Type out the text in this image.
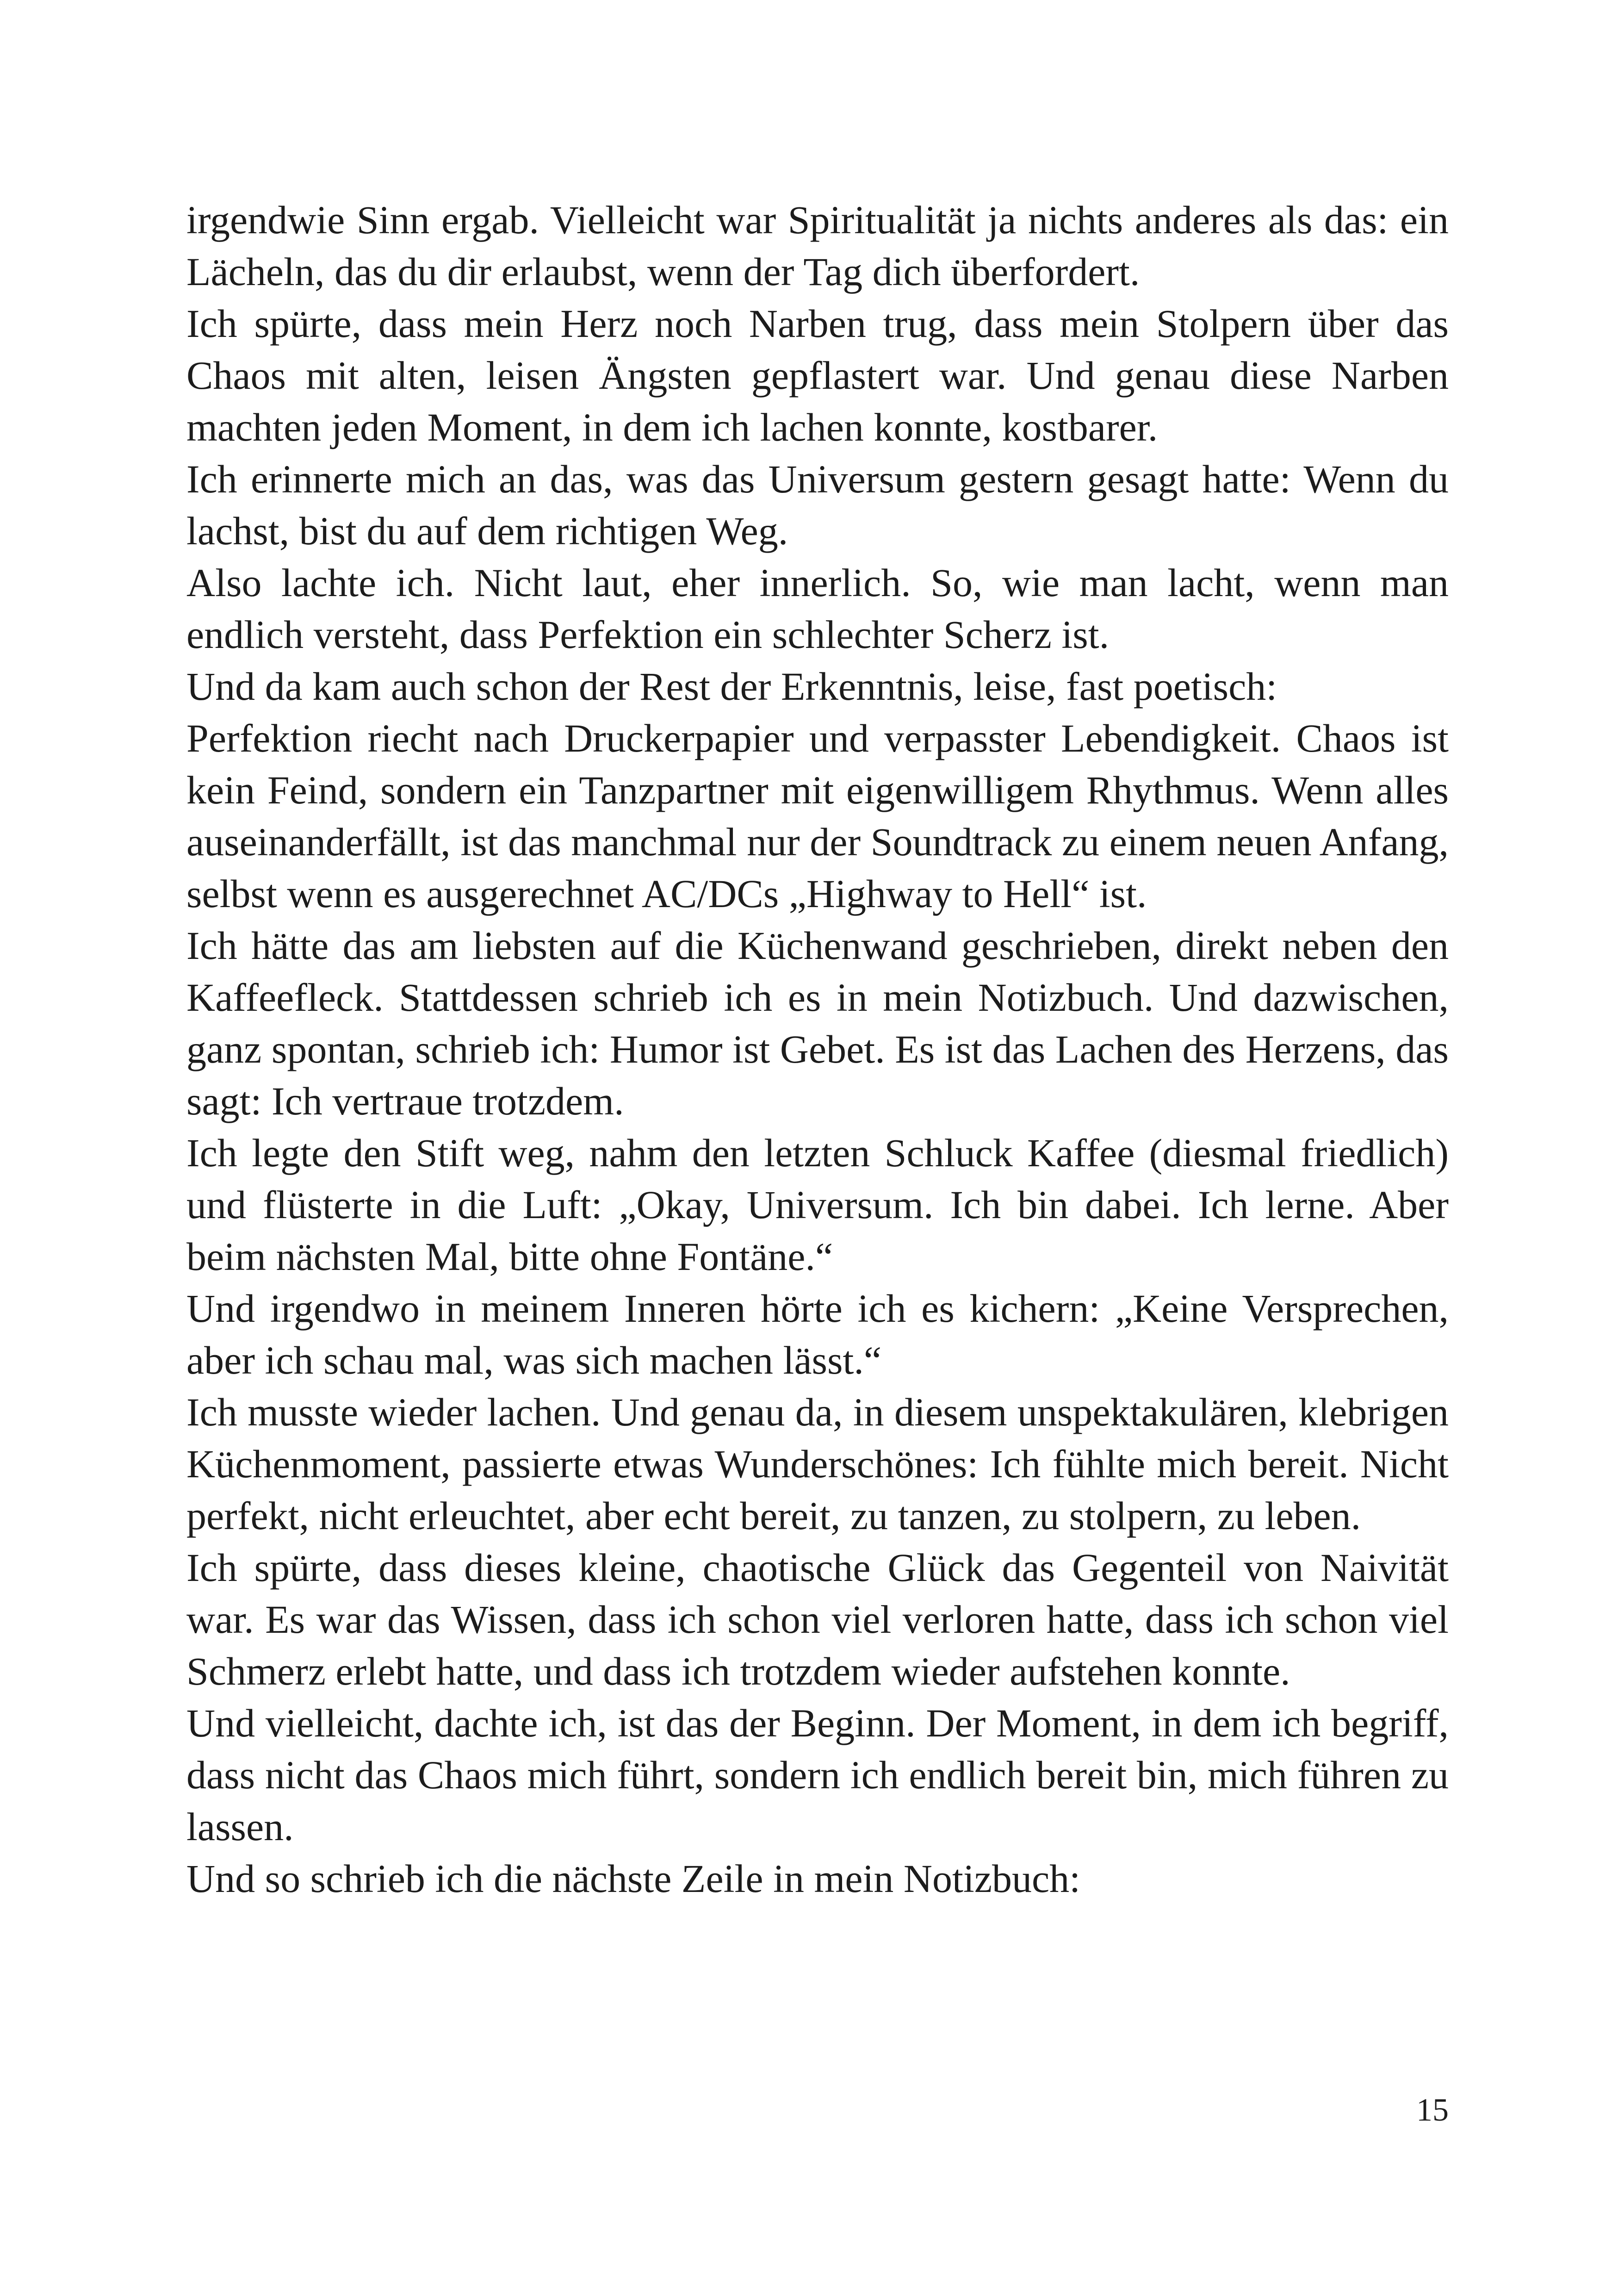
irgendwie Sinn ergab. Vielleicht war Spiritualität ja nichts anderes als das: ein Lächeln, das du dir erlaubst, wenn der Tag dich überfordert.

Ich spürte, dass mein Herz noch Narben trug, dass mein Stolpern über das Chaos mit alten, leisen Ängsten gepflastert war. Und genau diese Narben machten jeden Moment, in dem ich lachen konnte, kostbarer.

Ich erinnerte mich an das, was das Universum gestern gesagt hatte: Wenn du lachst, bist du auf dem richtigen Weg.

Also lachte ich. Nicht laut, eher innerlich. So, wie man lacht, wenn man endlich versteht, dass Perfektion ein schlechter Scherz ist.

Und da kam auch schon der Rest der Erkenntnis, leise, fast poetisch:

Perfektion riecht nach Druckerpapier und verpasster Lebendigkeit. Chaos ist kein Feind, sondern ein Tanzpartner mit eigenwilligem Rhythmus. Wenn alles auseinanderfällt, ist das manchmal nur der Soundtrack zu einem neuen Anfang, selbst wenn es ausgerechnet AC/DCs „Highway to Hell“ ist.

Ich hätte das am liebsten auf die Küchenwand geschrieben, direkt neben den Kaffeefleck. Stattdessen schrieb ich es in mein Notizbuch. Und dazwischen, ganz spontan, schrieb ich: Humor ist Gebet. Es ist das Lachen des Herzens, das sagt: Ich vertraue trotzdem.

Ich legte den Stift weg, nahm den letzten Schluck Kaffee (diesmal friedlich) und flüsterte in die Luft: „Okay, Universum. Ich bin dabei. Ich lerne. Aber beim nächsten Mal, bitte ohne Fontäne.“

Und irgendwo in meinem Inneren hörte ich es kichern: „Keine Versprechen, aber ich schau mal, was sich machen lässt.“

Ich musste wieder lachen. Und genau da, in diesem unspektakulären, klebrigen Küchenmoment, passierte etwas Wunderschönes: Ich fühlte mich bereit. Nicht perfekt, nicht erleuchtet, aber echt bereit, zu tanzen, zu stolpern, zu leben.

Ich spürte, dass dieses kleine, chaotische Glück das Gegenteil von Naivität war. Es war das Wissen, dass ich schon viel verloren hatte, dass ich schon viel Schmerz erlebt hatte, und dass ich trotzdem wieder aufstehen konnte.

Und vielleicht, dachte ich, ist das der Beginn. Der Moment, in dem ich begriff, dass nicht das Chaos mich führt, sondern ich endlich bereit bin, mich führen zu lassen.

Und so schrieb ich die nächste Zeile in mein Notizbuch:

15
